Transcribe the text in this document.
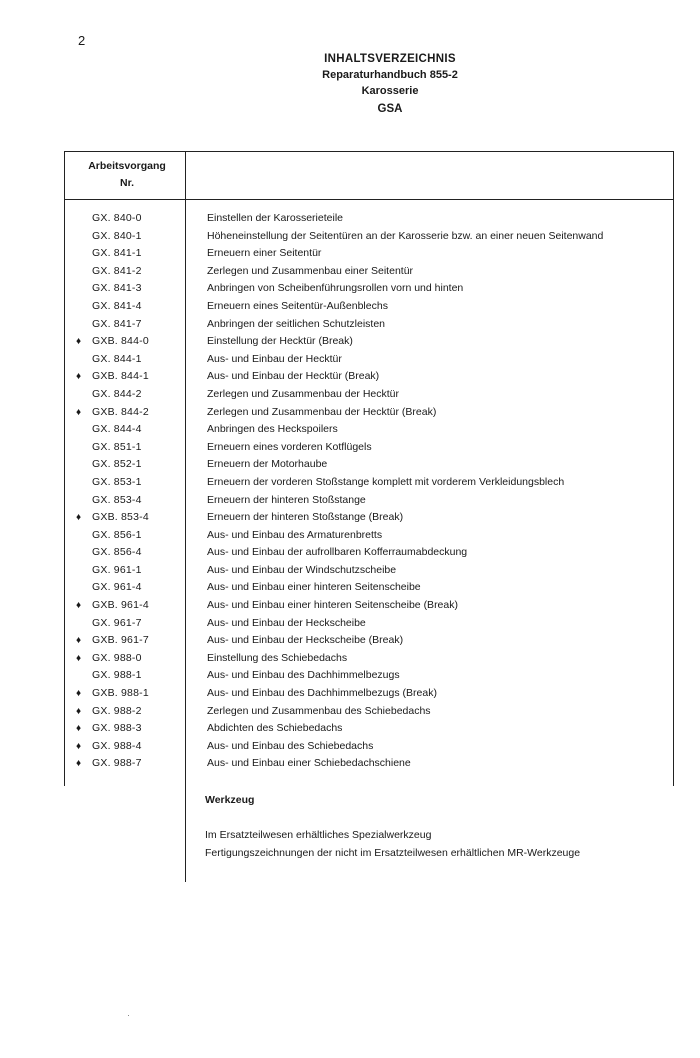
2
INHALTSVERZEICHNIS
Reparaturhandbuch 855-2
Karosserie
GSA
Arbeitsvorgang
Nr.
GX. 840-0	Einstellen der Karosserieteile
GX. 840-1	Höheneinstellung der Seitentüren an der Karosserie bzw. an einer neuen Seitenwand
GX. 841-1	Erneuern einer Seitentür
GX. 841-2	Zerlegen und Zusammenbau einer Seitentür
GX. 841-3	Anbringen von Scheibenführungsrollen vorn und hinten
GX. 841-4	Erneuern eines Seitentür-Außenblechs
GX. 841-7	Anbringen der seitlichen Schutzleisten
♦ GXB. 844-0	Einstellung der Hecktür (Break)
GX. 844-1	Aus- und Einbau der Hecktür
♦ GXB. 844-1	Aus- und Einbau der Hecktür (Break)
GX. 844-2	Zerlegen und Zusammenbau der Hecktür
♦ GXB. 844-2	Zerlegen und Zusammenbau der Hecktür (Break)
GX. 844-4	Anbringen des Heckspoilers
GX. 851-1	Erneuern eines vorderen Kotflügels
GX. 852-1	Erneuern der Motorhaube
GX. 853-1	Erneuern der vorderen Stoßstange komplett mit vorderem Verkleidungsblech
GX. 853-4	Erneuern der hinteren Stoßstange
♦ GXB. 853-4	Erneuern der hinteren Stoßstange (Break)
GX. 856-1	Aus- und Einbau des Armaturenbretts
GX. 856-4	Aus- und Einbau der aufrollbaren Kofferraumabdeckung
GX. 961-1	Aus- und Einbau der Windschutzscheibe
GX. 961-4	Aus- und Einbau einer hinteren Seitenscheibe
♦ GXB. 961-4	Aus- und Einbau einer hinteren Seitenscheibe (Break)
GX. 961-7	Aus- und Einbau der Heckscheibe
♦ GXB. 961-7	Aus- und Einbau der Heckscheibe (Break)
♦ GX. 988-0	Einstellung des Schiebedachs
GX. 988-1	Aus- und Einbau des Dachhimmelbezugs
♦ GXB. 988-1	Aus- und Einbau des Dachhimmelbezugs (Break)
♦ GX. 988-2	Zerlegen und Zusammenbau des Schiebedachs
♦ GX. 988-3	Abdichten des Schiebedachs
♦ GX. 988-4	Aus- und Einbau des Schiebedachs
♦ GX. 988-7	Aus- und Einbau einer Schiebedachschiene
Werkzeug
Im Ersatzteilwesen erhältliches Spezialwerkzeug
Fertigungszeichnungen der nicht im Ersatzteilwesen erhältlichen MR-Werkzeuge
